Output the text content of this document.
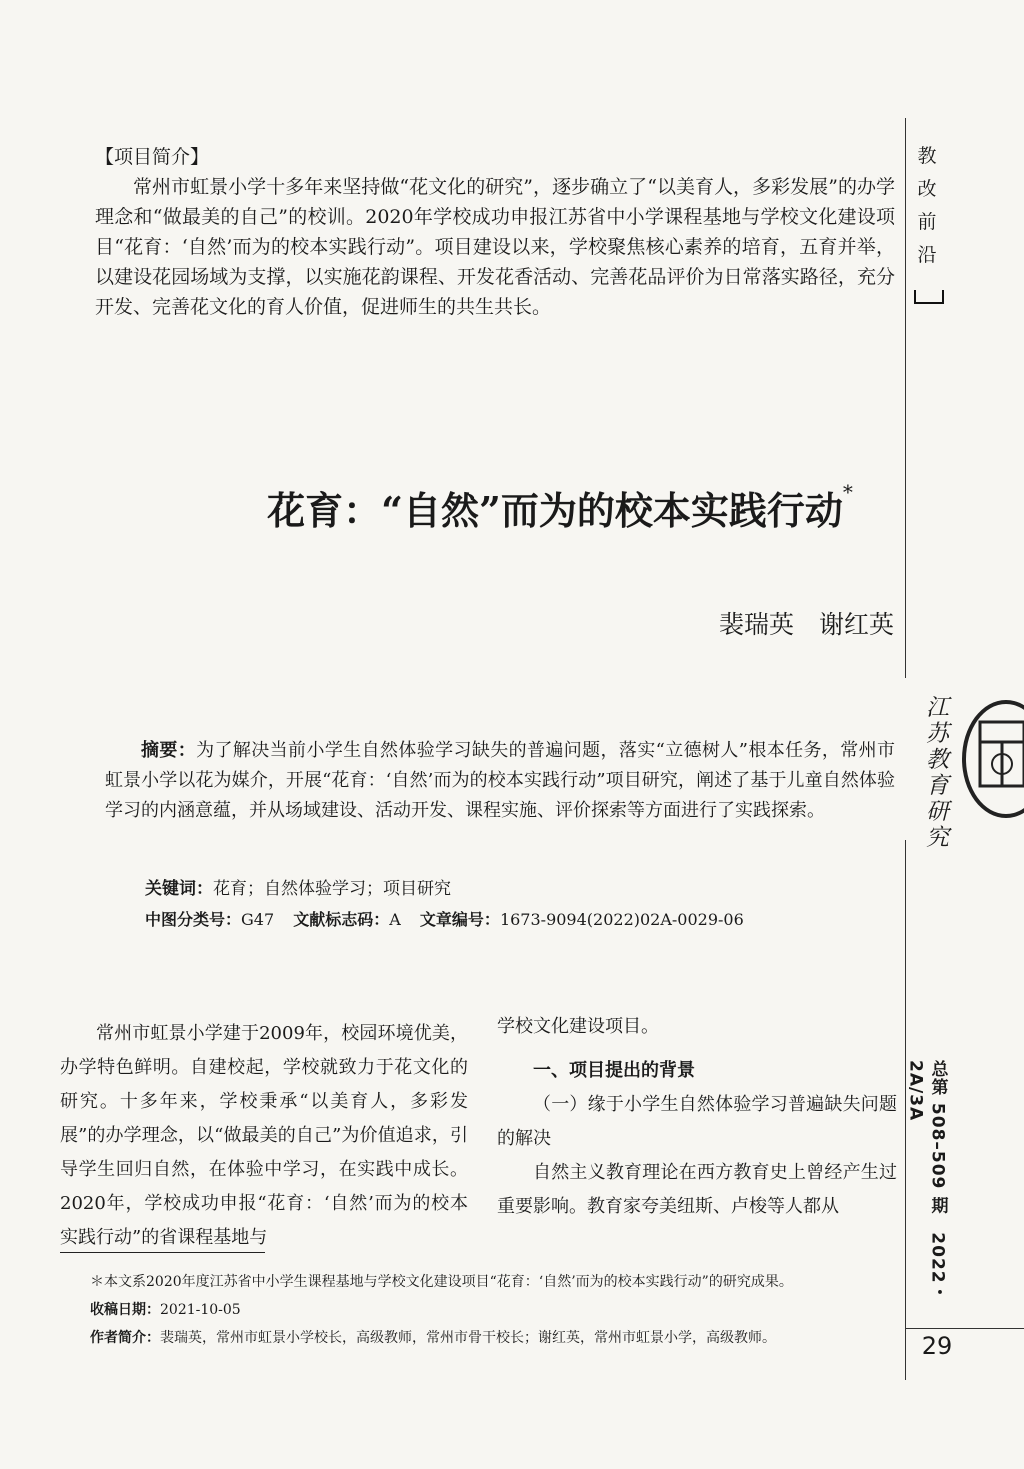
教改前沿
江苏教育研究
总第 508–509 期　2022・2A/3A
29
【项目简介】
常州市虹景小学十多年来坚持做“花文化的研究”，逐步确立了“以美育人，多彩发展”的办学理念和“做最美的自己”的校训。2020年学校成功申报江苏省中小学课程基地与学校文化建设项目“花育：‘自然’而为的校本实践行动”。项目建设以来，学校聚焦核心素养的培育，五育并举，以建设花园场域为支撑，以实施花韵课程、开发花香活动、完善花品评价为日常落实路径，充分开发、完善花文化的育人价值，促进师生的共生共长。
花育：“自然”而为的校本实践行动*
裴瑞英　谢红英
摘要：为了解决当前小学生自然体验学习缺失的普遍问题，落实“立德树人”根本任务，常州市虹景小学以花为媒介，开展“花育：‘自然’而为的校本实践行动”项目研究，阐述了基于儿童自然体验学习的内涵意蕴，并从场域建设、活动开发、课程实施、评价探索等方面进行了实践探索。
关键词：花育；自然体验学习；项目研究
中图分类号：G47 文献标志码：A 文章编号：1673-9094(2022)02A-0029-06
常州市虹景小学建于2009年，校园环境优美，办学特色鲜明。自建校起，学校就致力于花文化的研究。十多年来，学校秉承“以美育人，多彩发展”的办学理念，以“做最美的自己”为价值追求，引导学生回归自然，在体验中学习，在实践中成长。2020年，学校成功申报“花育：‘自然’而为的校本实践行动”的省课程基地与

学校文化建设项目。

一、项目提出的背景

（一）缘于小学生自然体验学习普遍缺失问题的解决

自然主义教育理论在西方教育史上曾经产生过重要影响。教育家夸美纽斯、卢梭等人都从

＊本文系2020年度江苏省中小学生课程基地与学校文化建设项目“花育：‘自然’而为的校本实践行动”的研究成果。
收稿日期：2021-10-05
作者简介：裴瑞英，常州市虹景小学校长，高级教师，常州市骨干校长；谢红英，常州市虹景小学，高级教师。
